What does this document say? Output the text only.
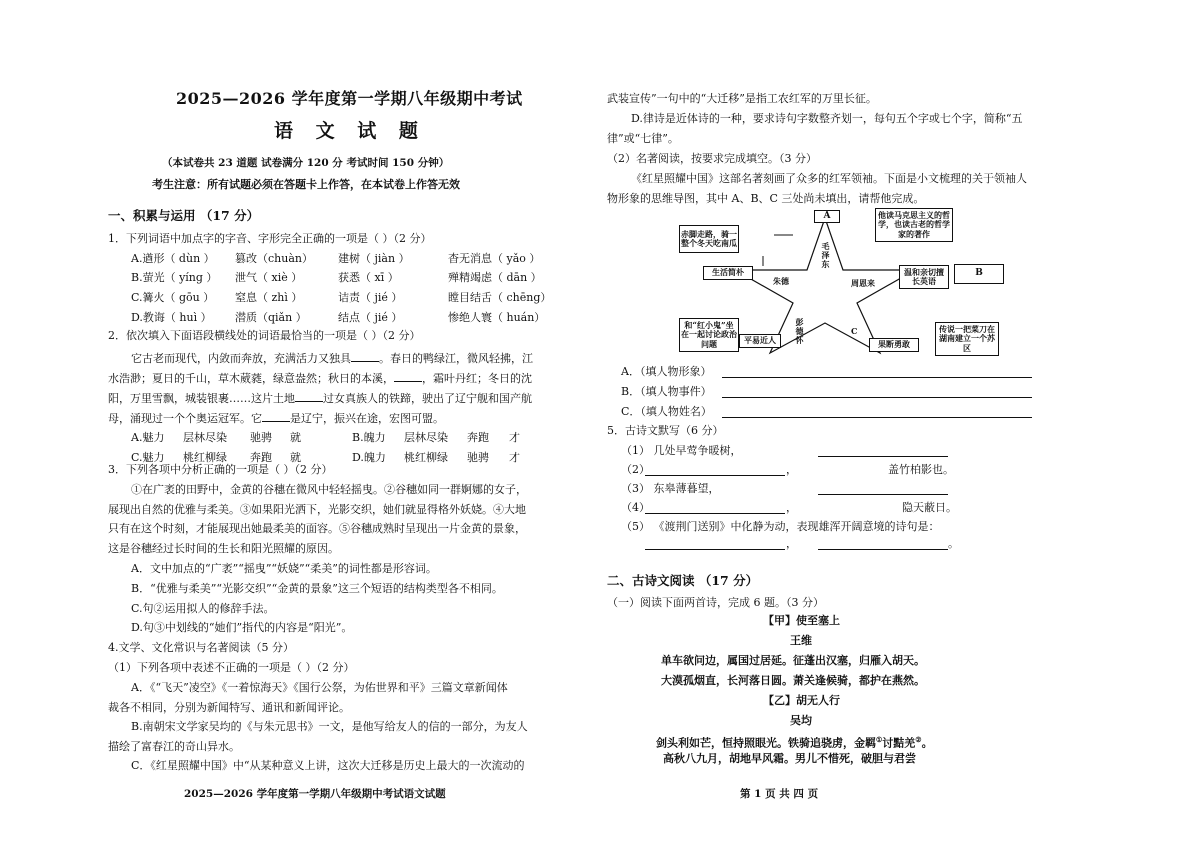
2025—2026 学年度第一学期八年级期中考试
语 文 试 题
（本试卷共 23 道题 试卷满分 120 分 考试时间 150 分钟）
考生注意：所有试题必须在答题卡上作答，在本试卷上作答无效
一、积累与运用 （17 分）
1．下列词语中加点字的字音、字形完全正确的一项是（ ）（2 分）
A.遒形（ dùn ） 篡改（chuàn） 建树（ jiàn ）	杳无消息（ yǎo ）
B.萤光（ yíng ） 泄气（ xiè ）	获悉（ xī ）	殚精竭虑（ dān ）
C.篝火（ gōu ） 窒息（ zhì ）	诘责（ jié ）	瞠目结舌（ chēng）
D.教诲（ huì ） 潜质（qiǎn ）	结点（ jié ）	惨绝人寰（ huán）
2．依次填入下面语段横线处的词语最恰当的一项是（ ）（2 分）
它古老而现代，内敛而奔放，充满活力又独具	。春日的鸭绿江，微风轻拂，江
水浩渺；夏日的千山，草木葳蕤，绿意盎然；秋日的本溪，	，霜叶丹红；冬日的沈
阳，万里雪飘，城装银裹……这片土地	过女真族人的铁蹄，驶出了辽宁舰和国产航
母，涌现过一个个奥运冠军。它	是辽宁，振兴在途，宏图可盟。
A.魅力 层林尽染 驰骋 就	B.魄力 层林尽染 奔跑 才
C.魅力 桃红柳绿 奔跑 就	D.魄力 桃红柳绿 驰骋 才
3．下列各项中分析正确的一项是（ ）（2 分）
①在广袤的田野中，金黄的谷穗在微风中轻轻摇曳。②谷穗如同一群婀娜的女子，
展现出自然的优雅与柔美。③如果阳光洒下，光影交织，她们就显得格外妖娆。④大地
只有在这个时刻，才能展现出她最柔美的面容。⑤谷穗成熟时呈现出一片金黄的景象，
这是谷穗经过长时间的生长和阳光照耀的原因。
A．文中加点的“广袤”“摇曳”“妖娆”“柔美”的词性都是形容词。
B．“优雅与柔美”“光影交织”“金黄的景象”这三个短语的结构类型各不相同。
C.句②运用拟人的修辞手法。
D.句③中划线的“她们”指代的内容是“阳光”。
4.文学、文化常识与名著阅读（5 分）
（1）下列各项中表述不正确的一项是（ ）（2 分）
A．《“飞天”凌空》《一着惊海天》《国行公祭，为佑世界和平》三篇文章新闻体
裁各不相同，分别为新闻特写、通讯和新闻评论。
B.南朝宋文学家吴均的《与朱元思书》一文，是他写给友人的信的一部分，为友人
描绘了富春江的奇山异水。
C．《红星照耀中国》中“从某种意义上讲，这次大迁移是历史上最大的一次流动的
2025—2026 学年度第一学期八年级期中考试语文试题
武装宣传”一句中的“大迁移”是指工农红军的万里长征。
D.律诗是近体诗的一种，要求诗句字数整齐划一，每句五个字或七个字，简称“五
律”或“七律”。
（2）名著阅读，按要求完成填空。（3 分）
《红星照耀中国》这部名著刻画了众多的红军领袖。下面是小文梳理的关于领袖人
物形象的思维导图，其中 A、B、C 三处尚未填出，请帮他完成。
A	他读马克思主义的哲学，也读古老的哲学家的著作
赤脚走路，骑一整个冬天吃南瓜
生活简朴
朱德	周恩来
毛泽东
温和亲切擅长英语
B
和“红小鬼”坐在一起讨论政治问题	平易近人
彭德怀
C
果断勇敢
传说一把菜刀在湖南建立一个苏区
A．（填人物形象）
B．（填人物事件）
C．（填人物姓名）
5．古诗文默写（6 分）
（1） 几处早莺争暖树，
（2）	，	盖竹柏影也。
（3） 东皋薄暮望，
（4）	，	隐天蔽日。
（5） 《渡荆门送别》中化静为动，表现雄浑开阔意境的诗句是：
，	。
二、古诗文阅读 （17 分）
（一）阅读下面两首诗，完成 6 题。（3 分）
【甲】使至塞上
王维
单车欲问边，属国过居延。征蓬出汉塞，归雁入胡天。
大漠孤烟直，长河落日圆。萧关逢候骑，都护在燕然。
【乙】胡无人行
吴均
剑头利如芒，恒持照眼光。铁骑追骁虏，金羁①讨黠羌②。
高秋八九月，胡地早风霜。男儿不惜死，破胆与君尝
第 1 页 共 四 页
